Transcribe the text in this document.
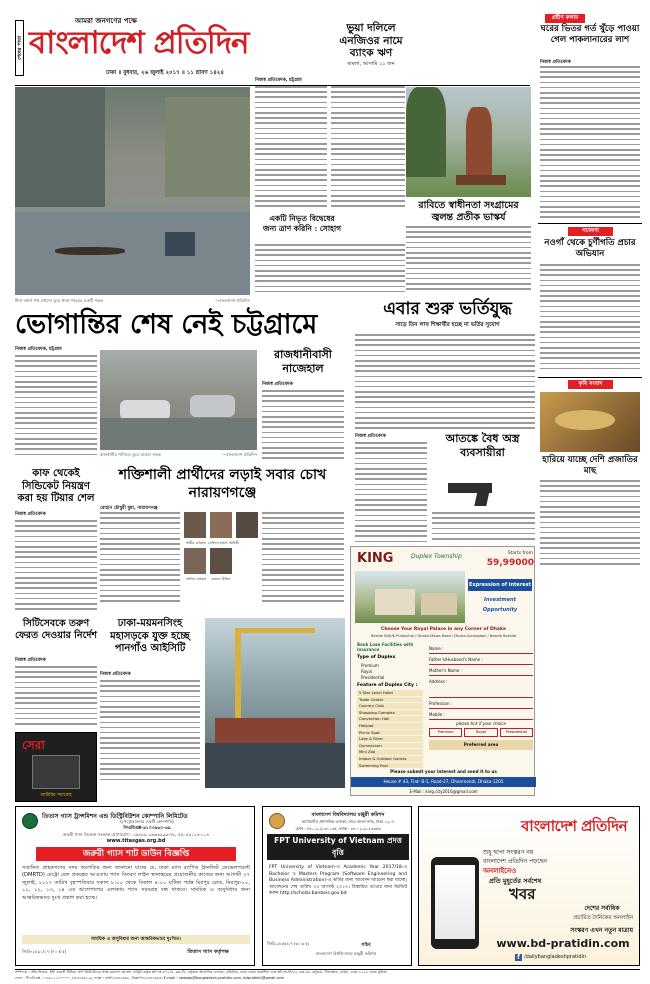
শেষের পাতা
আমরা জনগণের পক্ষে
বাংলাদেশ প্রতিদিন
ঢাকা ॥ বুধবার, ২৬ জুলাই ২০১৭ ॥ ১১ শ্রাবণ ১৪২৪
টানা বর্ষণে পথ এখনো ডুবে থাকা শহরের একটি সড়ক	—বাংলাদেশ প্রতিদিন
ভুয়া দলিলে এনজিওর নামে ব্যাংক ঋণ
মামলা, আসামি ১১ জন
নিজস্ব প্রতিবেদক, চট্টগ্রাম
একটি নিভৃত বিদ্বেষের জন্য ত্রাণ করিনি : সোহাগ
রাবিতে স্বাধীনতা সংগ্রামের জ্বলন্ত প্রতীক ভাস্কর্য
গ্রহীণ কলাম
ঘরের ভিতর গর্ত খুঁড়ে পাওয়া গেল পাকলানারের লাশ
নিজস্ব প্রতিবেদক
গবেষণা
নওগাঁ থেকে চুর্ণীগতি প্রচার অভিযান
কৃষি সংবাদ
হারিয়ে যাচ্ছে দেশি প্রজাতির মাছ
ভোগান্তির শেষ নেই চট্টগ্রামে
নিজস্ব প্রতিবেদক, চট্টগ্রাম
রাজধানীর পানিতে ডুবে যাওয়া সড়ক	—বাংলাদেশ প্রতিদিন
রাজধানীবাসী নাজেহাল
নিজস্ব প্রতিবেদক
এবার শুরু ভর্তিযুদ্ধ
সাড়ে তিন লাখ শিক্ষার্থীর হচ্ছে না ভর্তির সুযোগ
আতঙ্কে বৈধ অস্ত্র ব্যবসায়ীরা
নিজস্ব প্রতিবেদক
কাফ থেকেই সিন্ডিকেট নিয়ন্ত্রণ করা হয় টিয়ার শেল
নিজস্ব প্রতিবেদক
শক্তিশালী প্রার্থীদের লড়াই সবার চোখ নারায়ণগঞ্জে
রোহান চৌধুরী মুন্না, নারায়ণগঞ্জ
শামীম ওসমান সেলিনা হায়াৎ আইভী
সেলিম ওসমান	কামাল উদ্দিন
সিটিসেবকে তরুণ ফেরত দেওয়ার নির্দেশ
নিজস্ব প্রতিবেদক
ঢাকা-ময়মনসিংহ মহাসড়কে যুক্ত হচ্ছে পানগাঁও আইসিটি
নিজস্ব প্রতিবেদক
সেরা
ব্যাটারির সমারোহ
KING	Duplex Township	Starts from
59,99000
Expression of interest
Investment Opportunity
Choose Your Royal Palace in any Corner of Dhaka
Beside RAJUK Purbachal / Dhaka-Mawa Road / Dhaka-Sonargaon / Beside Boshila
Bank Loan Facilities with Insurance
Type of Duplex
Premium
Royal
Presidential
Feature of Duplex City :
5 Star Level Hotel
Trade Center
Country Club
Shopping Complex
Convention Hall
Helipad
Picnic Spot
Lake & River
Gymnasium
Mini Zoo
Indoor & Outdoor Games
Swimming Pool
Name :
Father's/Husband's Name :
Mother's Name :
Address :
Profession :
Mobile :
please tick if your choice
Premium	Royal	Presidential
Preferred area
Please submit your interest and send it to us
House # 43, Flat- B-1, Road-27, Dhanmondi, Dhaka-1205
E-Mail : king.city2016@gmail.com
তিতাস গ্যাস ট্রান্সমিশন এন্ড ডিস্ট্রিবিউশন কোম্পানি লিমিটেড
(পেট্রোবাংলার একটি কোম্পানি)
পিএবিএক্স-৯১০৩৯৬০-৬৯
জরুরী গ্যাস লিকেজ সংক্রান্ত যোগাযোগ : ১৬৪৯৬, ৯৬৬৬৯৯৬-৭৮, ৫৫০৪৯১১৩-১১৪
www.titasgas.org.bd
জরুরী গ্যাস শাট ডাউন বিজ্ঞপ্তি
সম্মানিত গ্রাহকগণের সদয় অবগতির জন্য জানানো যাচ্ছে যে, ঢাকা ম্যাস র‍্যাপিড ট্রানজিট ডেভেলপমেন্ট (DMRTD) মেট্রো রেল প্রকল্পের আওতায় গ্যাস বিতরণ লাইন স্থানান্তরের প্রয়োজনীয় কাজের জন্য আগামী ২৭ জুলাই, ২০১৭ তারিখ বৃহস্পতিবার সকাল ৮:০০ থেকে বিকাল ৪:০০ ঘটিকা পর্যন্ত মিরপুর রোড, মিরপুর-১০, ১১, ১২, ১৩, ১৪ এর আশেপাশের এলাকায় গ্যাস সরবরাহ বন্ধ থাকবে। সাময়িক এ অসুবিধার জন্য আন্তরিকভাবে দুঃখ প্রকাশ করা হচ্ছে।
সাময়িক এ অসুবিধার জন্য আন্তরিকভাবে দুঃখিত।
জিডি-২৮৯০/১৭ (৭০ x ৫)	তিতাস গ্যাস কর্তৃপক্ষ
বাংলাদেশ বিশ্ববিদ্যালয় মঞ্জুরী কমিশন
আগারগাঁও প্রশাসনিক এলাকা, শেরে বাংলা নগর, ঢাকা-১২০৭
ফোন : ৮৮-০২-৯১৩০১৩৫, ফ্যাক্স : ৮৮-০২-৯১২৩৩৫৩
FPT University of Vietnam প্রদত্ত বৃত্তি
FPT University of Vietnam-এ Academic Year 2017/18-এ Bachelor ও Masters Program (Software Engineering and Business Administration)-এ ভর্তির জন্য আবেদন আহ্বান করা যাচ্ছে। আবেদনের শেষ তারিখ ৩০ আগস্ট ২০১৭। বিস্তারিত তথ্যের জন্য ভিজিট করুন http://scholar.banbeis.gov.bd
জিডি-২৮৫৫/১৭ (৬০ x ৫)	সচিব
বাংলাদেশ বিশ্ববিদ্যালয় মঞ্জুরী কমিশন
বাংলাদেশ প্রতিদিন
শুধু ছাপা সংস্করণ নয়
বাংলাদেশ প্রতিদিন পড়ছেন
অনলাইনেও
প্রতি মুহূর্তের সর্বশেষ
খবর
দেশের সর্বাধিক
প্রচারিত দৈনিকের অনলাইন
সংস্করণ এখন নতুন মাত্রায়
www.bd-pratidin.com
f /dailybangladeshpratidin
সম্পাদক : নঈম নিজাম, ইস্ট ওয়েস্ট মিডিয়া গ্রুপ লিমিটেডের পক্ষে ময়নাল হোসেন চৌধুরী কর্তৃক প্লট নং-৩৭১/এ, ব্লক-ডি, বসুন্ধরা আবাসিক এলাকা, বারিধারা, ঢাকা থেকে প্রকাশিত এবং প্লট নং-সি/৫২, ব্লক-কে, বসুন্ধরা, খিলক্ষেত, বাড্ডা, ঢাকা-১২২৯ থেকে মুদ্রিত।
ফোন : পিএবিএক্স : ০৯৬১১১২০০০০, ৮৪৩২৩৬১-৬, ফ্যাক্স : বার্তা-৮৪৩২৩৬৮, বিজ্ঞাপন-৮৪৩২৩৬৩। E-mail : newsbp@bangladesh-pratidin.com, bdpratidin@gmail.com
